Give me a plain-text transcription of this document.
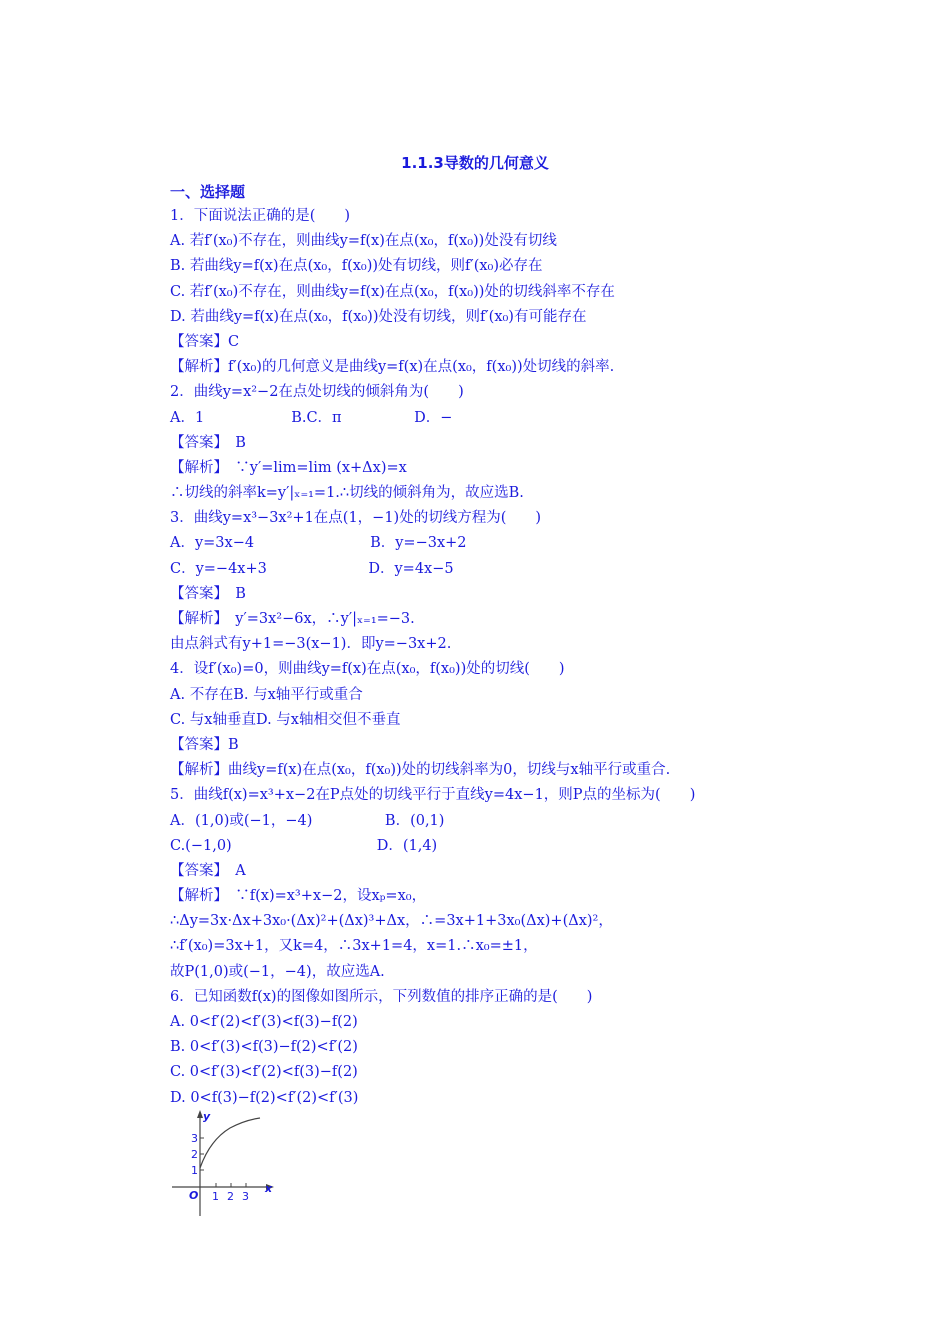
1.1.3导数的几何意义
一、选择题
1．下面说法正确的是(　　)
A. 若f′(x₀)不存在，则曲线y=f(x)在点(x₀，f(x₀))处没有切线
B. 若曲线y=f(x)在点(x₀，f(x₀))处有切线，则f′(x₀)必存在
C. 若f′(x₀)不存在，则曲线y=f(x)在点(x₀，f(x₀))处的切线斜率不存在
D. 若曲线y=f(x)在点(x₀，f(x₀))处没有切线，则f′(x₀)有可能存在
【答案】C
【解析】f′(x₀)的几何意义是曲线y=f(x)在点(x₀，f(x₀))处切线的斜率.
2．曲线y=x²−2在点处切线的倾斜角为(　　)
A．1　　　　　　B.C．π　　　　　D．−
【答案】　B
【解析】　∵y′=lim=lim (x+Δx)=x
∴切线的斜率k=y′|ₓ₌₁=1.∴切线的倾斜角为，故应选B.
3．曲线y=x³−3x²+1在点(1，−1)处的切线方程为(　　)
A．y=3x−4　　　　　　　　B．y=−3x+2
C．y=−4x+3　　　　　　　D．y=4x−5
【答案】　B
【解析】　y′=3x²−6x，∴y′|ₓ₌₁=−3.
由点斜式有y+1=−3(x−1)．即y=−3x+2.
4．设f′(x₀)=0，则曲线y=f(x)在点(x₀，f(x₀))处的切线(　　)
A. 不存在B. 与x轴平行或重合
C. 与x轴垂直D. 与x轴相交但不垂直
【答案】B
【解析】曲线y=f(x)在点(x₀，f(x₀))处的切线斜率为0，切线与x轴平行或重合.
5．曲线f(x)=x³+x−2在P点处的切线平行于直线y=4x−1，则P点的坐标为(　　)
A．(1,0)或(−1，−4)　　　　　B．(0,1)
C.(−1,0)　　　　　　　　　　D．(1,4)
【答案】　A
【解析】　∵f(x)=x³+x−2，设xₚ=x₀，
∴Δy=3x·Δx+3x₀·(Δx)²+(Δx)³+Δx，∴=3x+1+3x₀(Δx)+(Δx)²，
∴f′(x₀)=3x+1，又k=4，∴3x+1=4，x=1.∴x₀=±1，
故P(1,0)或(−1，−4)，故应选A.
6．已知函数f(x)的图像如图所示，下列数值的排序正确的是(　　)
A. 0<f′(2)<f′(3)<f(3)−f(2)
B. 0<f′(3)<f(3)−f(2)<f′(2)
C. 0<f′(3)<f′(2)<f(3)−f(2)
D. 0<f(3)−f(2)<f′(2)<f′(3)
y
x
O
3
2
1
1 2 3
